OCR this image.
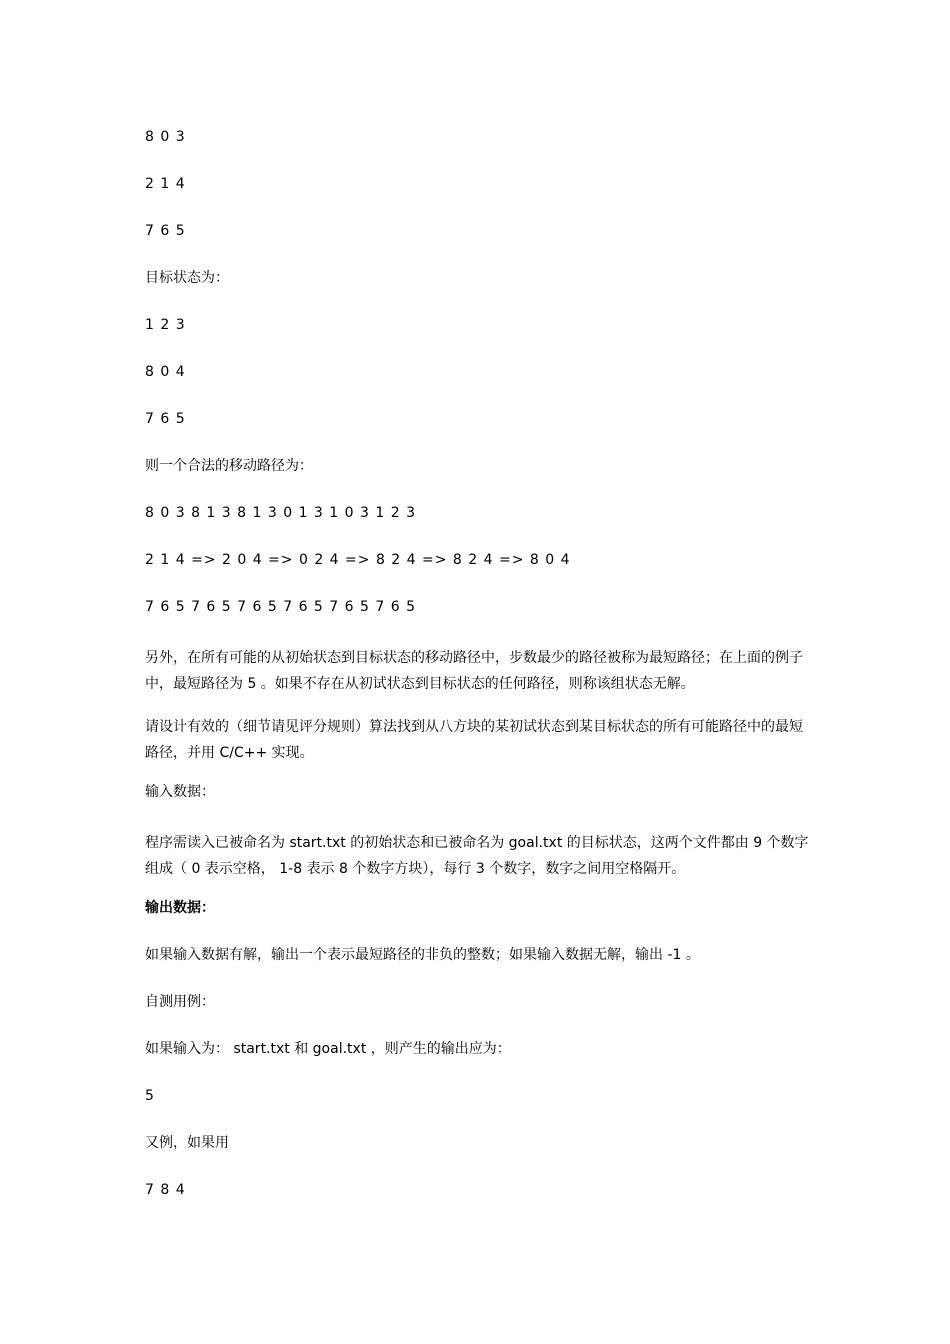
8 0 3

2 1 4

7 6 5

目标状态为：

1 2 3

8 0 4

7 6 5

则一个合法的移动路径为：

8 0 3 8 1 3 8 1 3 0 1 3 1 0 3 1 2 3

2 1 4 => 2 0 4 => 0 2 4 => 8 2 4 => 8 2 4 => 8 0 4

7 6 5 7 6 5 7 6 5 7 6 5 7 6 5 7 6 5

另外，在所有可能的从初始状态到目标状态的移动路径中，步数最少的路径被称为最短路径；在上面的例子中，最短路径为 5 。如果不存在从初试状态到目标状态的任何路径，则称该组状态无解。

请设计有效的（细节请见评分规则）算法找到从八方块的某初试状态到某目标状态的所有可能路径中的最短路径，并用 C/C++ 实现。

输入数据：

程序需读入已被命名为 start.txt 的初始状态和已被命名为 goal.txt 的目标状态，这两个文件都由 9 个数字组成（ 0 表示空格， 1-8 表示 8 个数字方块），每行 3 个数字，数字之间用空格隔开。

输出数据：

如果输入数据有解，输出一个表示最短路径的非负的整数；如果输入数据无解，输出 -1 。

自测用例：

如果输入为： start.txt 和 goal.txt ，则产生的输出应为：

5

又例，如果用

7 8 4
